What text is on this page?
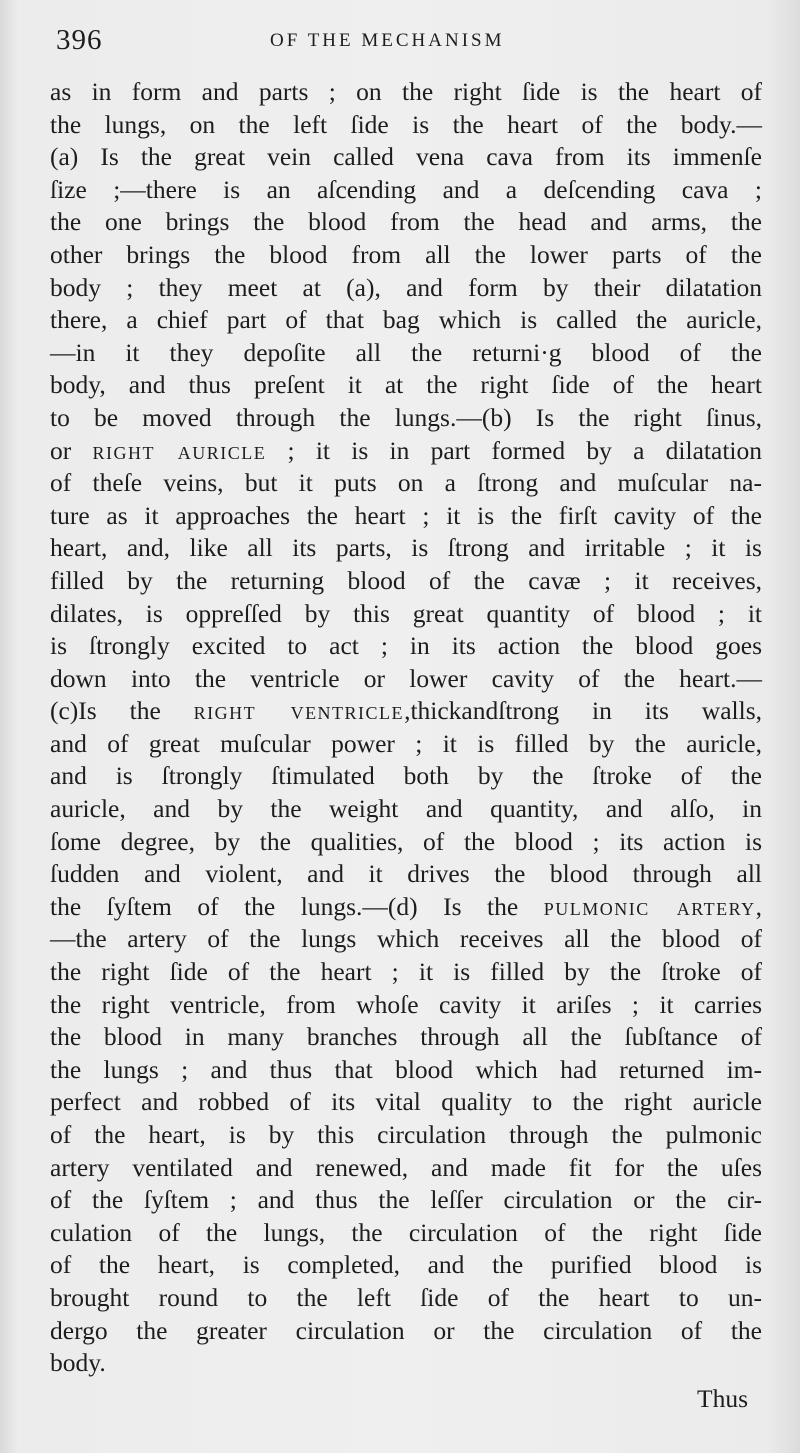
396	OF THE MECHANISM
as in form and parts ; on the right ſide is the heart of
the lungs, on the left ſide is the heart of the body.—
(a) Is the great vein called vena cava from its immenſe
ſize ;—there is an aſcending and a deſcending cava ;
the one brings the blood from the head and arms, the
other brings the blood from all the lower parts of the
body ; they meet at (a), and form by their dilatation
there, a chief part of that bag which is called the auricle,
—in it they depoſite all the returni·g blood of the
body, and thus preſent it at the right ſide of the heart
to be moved through the lungs.—(b) Is the right ſinus,
or right auricle ; it is in part formed by a dilatation
of theſe veins, but it puts on a ſtrong and muſcular na-
ture as it approaches the heart ; it is the firſt cavity of the
heart, and, like all its parts, is ſtrong and irritable ; it is
filled by the returning blood of the cavæ ; it receives,
dilates, is oppreſſed by this great quantity of blood ; it
is ſtrongly excited to act ; in its action the blood goes
down into the ventricle or lower cavity of the heart.—
(c)Is the right ventricle,thickandſtrong in its walls,
and of great muſcular power ; it is filled by the auricle,
and is ſtrongly ſtimulated both by the ſtroke of the
auricle, and by the weight and quantity, and alſo, in
ſome degree, by the qualities, of the blood ; its action is
ſudden and violent, and it drives the blood through all
the ſyſtem of the lungs.—(d) Is the pulmonic artery,
—the artery of the lungs which receives all the blood of
the right ſide of the heart ; it is filled by the ſtroke of
the right ventricle, from whoſe cavity it ariſes ; it carries
the blood in many branches through all the ſubſtance of
the lungs ; and thus that blood which had returned im-
perfect and robbed of its vital quality to the right auricle
of the heart, is by this circulation through the pulmonic
artery ventilated and renewed, and made fit for the uſes
of the ſyſtem ; and thus the leſſer circulation or the cir-
culation of the lungs, the circulation of the right ſide
of the heart, is completed, and the purified blood is
brought round to the left ſide of the heart to un-
dergo the greater circulation or the circulation of the
body.
Thus
